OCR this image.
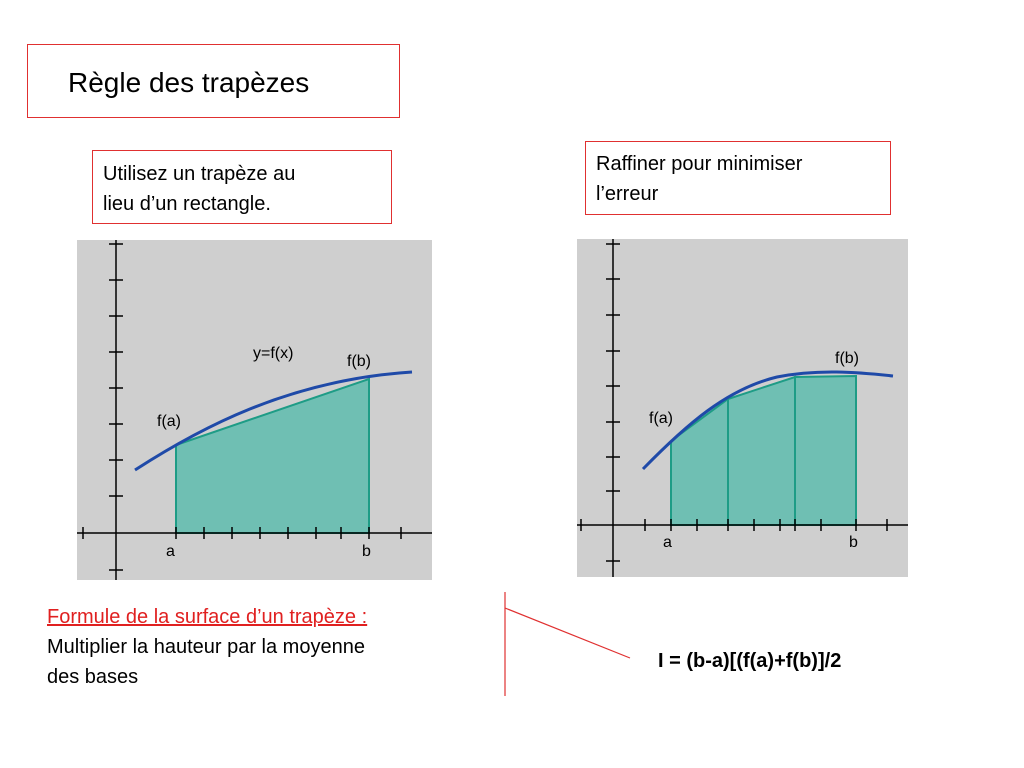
Règle des trapèzes
Utilisez un trapèze au
lieu d’un rectangle.
Raffiner pour minimiser
l’erreur
y=f(x)
f(a)
f(b)
a	b
f(a)
f(b)
a	b
Formule de la surface d’un trapèze :
Multiplier la hauteur par la moyenne
des bases
I = (b-a)[(f(a)+f(b)]/2
